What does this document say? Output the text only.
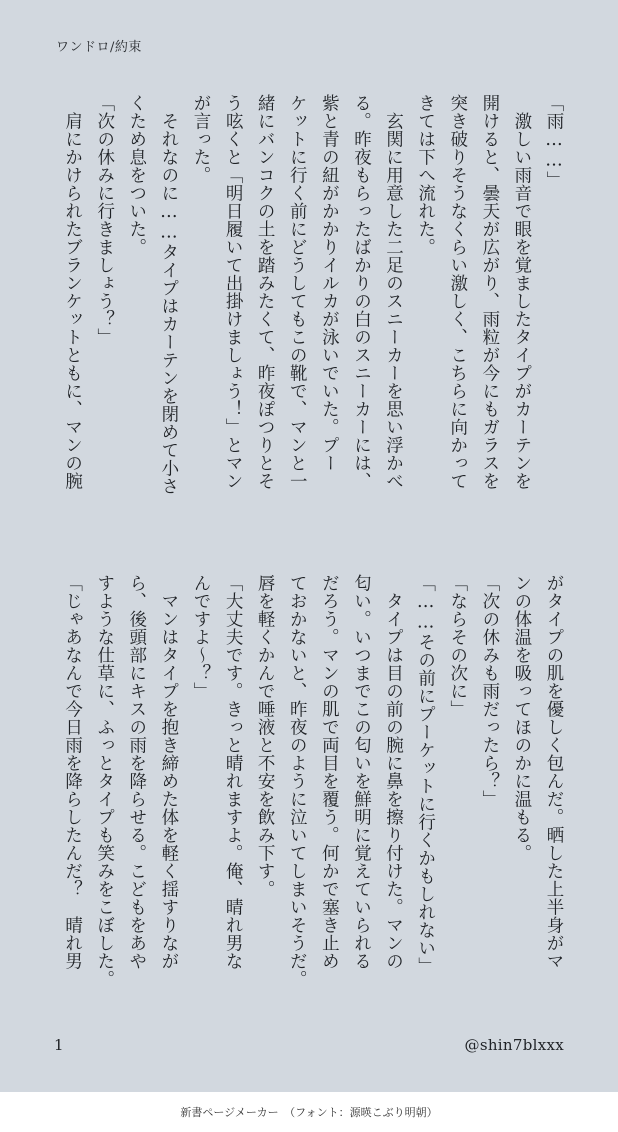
ワンドロ/約束
「雨……」
　激しい雨音で眼を覚ましたタイプがカーテンを
開けると、曇天が広がり、雨粒が今にもガラスを
突き破りそうなくらい激しく、こちらに向かって
きては下へ流れた。
　玄関に用意した二足のスニーカーを思い浮かべ
る。昨夜もらったばかりの白のスニーカーには、
紫と青の紐がかかりイルカが泳いでいた。プー
ケットに行く前にどうしてもこの靴で、マンと一
緒にバンコクの土を踏みたくて、昨夜ぽつりとそ
う呟くと「明日履いて出掛けましょう！」とマン
が言った。
　それなのに……タイプはカーテンを閉めて小さ
くため息をついた。
「次の休みに行きましょう？」
　肩にかけられたブランケットともに、マンの腕
がタイプの肌を優しく包んだ。晒した上半身がマ
ンの体温を吸ってほのかに温もる。
「次の休みも雨だったら？」
「ならその次に」
「……その前にプーケットに行くかもしれない」
　タイプは目の前の腕に鼻を擦り付けた。マンの
匂い。いつまでこの匂いを鮮明に覚えていられる
だろう。マンの肌で両目を覆う。何かで塞き止め
ておかないと、昨夜のように泣いてしまいそうだ。
唇を軽くかんで唾液と不安を飲み下す。
「大丈夫です。きっと晴れますよ。俺、晴れ男な
んですよ～？」
　マンはタイプを抱き締めた体を軽く揺すりなが
ら、後頭部にキスの雨を降らせる。こどもをあや
すような仕草に、ふっとタイプも笑みをこぼした。
「じゃあなんで今日雨を降らしたんだ？　晴れ男
1	@shin7blxxx
新書ページメーカー　（フォント：源暎こぶり明朝）
